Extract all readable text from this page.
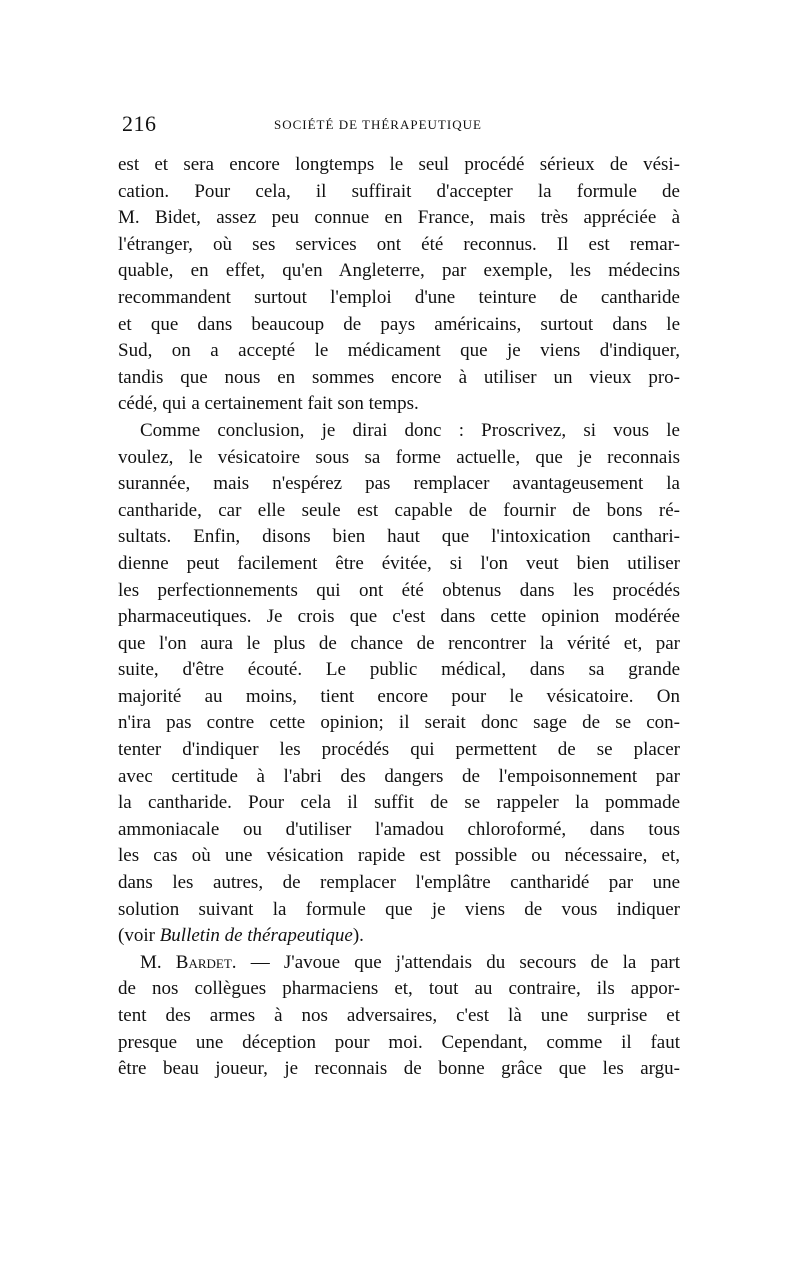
216	SOCIÉTÉ DE THÉRAPEUTIQUE
est et sera encore longtemps le seul procédé sérieux de vési-
cation. Pour cela, il suffirait d'accepter la formule de
M. Bidet, assez peu connue en France, mais très appréciée à
l'étranger, où ses services ont été reconnus. Il est remar-
quable, en effet, qu'en Angleterre, par exemple, les médecins
recommandent surtout l'emploi d'une teinture de cantharide
et que dans beaucoup de pays américains, surtout dans le
Sud, on a accepté le médicament que je viens d'indiquer,
tandis que nous en sommes encore à utiliser un vieux pro-
cédé, qui a certainement fait son temps.
Comme conclusion, je dirai donc : Proscrivez, si vous le
voulez, le vésicatoire sous sa forme actuelle, que je reconnais
surannée, mais n'espérez pas remplacer avantageusement la
cantharide, car elle seule est capable de fournir de bons ré-
sultats. Enfin, disons bien haut que l'intoxication canthari-
dienne peut facilement être évitée, si l'on veut bien utiliser
les perfectionnements qui ont été obtenus dans les procédés
pharmaceutiques. Je crois que c'est dans cette opinion modérée
que l'on aura le plus de chance de rencontrer la vérité et, par
suite, d'être écouté. Le public médical, dans sa grande
majorité au moins, tient encore pour le vésicatoire. On
n'ira pas contre cette opinion; il serait donc sage de se con-
tenter d'indiquer les procédés qui permettent de se placer
avec certitude à l'abri des dangers de l'empoisonnement par
la cantharide. Pour cela il suffit de se rappeler la pommade
ammoniacale ou d'utiliser l'amadou chloroformé, dans tous
les cas où une vésication rapide est possible ou nécessaire, et,
dans les autres, de remplacer l'emplâtre cantharidé par une
solution suivant la formule que je viens de vous indiquer
(voir Bulletin de thérapeutique).
M. Bardet. — J'avoue que j'attendais du secours de la part
de nos collègues pharmaciens et, tout au contraire, ils appor-
tent des armes à nos adversaires, c'est là une surprise et
presque une déception pour moi. Cependant, comme il faut
être beau joueur, je reconnais de bonne grâce que les argu-
